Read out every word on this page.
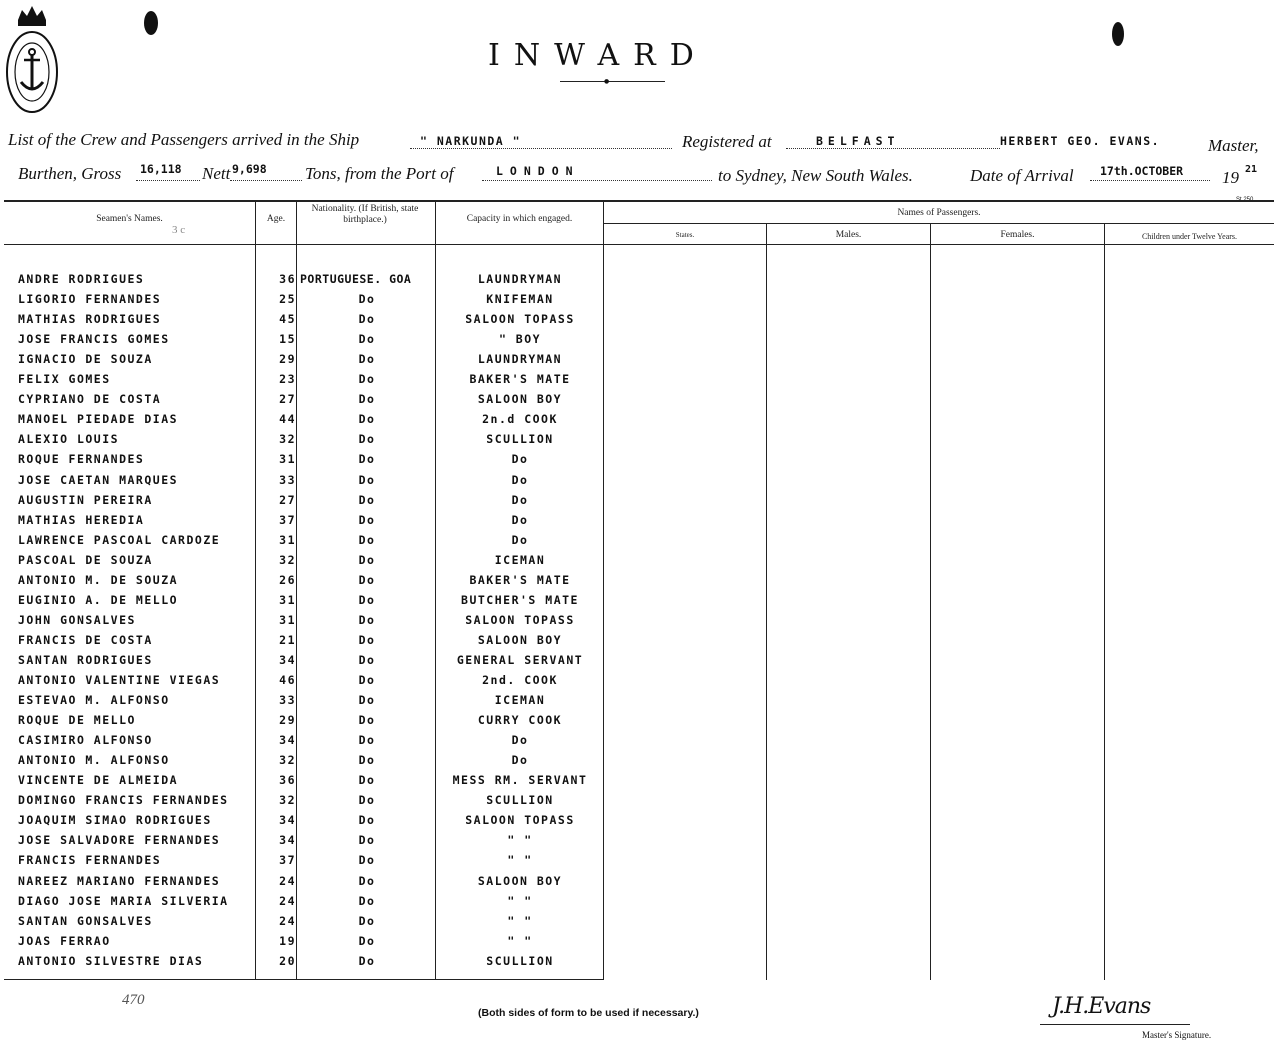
INWARD
●
List of the Crew and Passengers arrived in the Ship	" NARKUNDA "	Registered at	BELFAST	HERBERT GEO. EVANS.	Master,
Burthen, Gross 16,118 Nett 9,698 Tons, from the Port of	LONDON	to Sydney, New South Wales.	Date of Arrival 17th.OCTOBER 19 21
Seamen's Names.
3 c
Age.
Nationality. (If British, state birthplace.)	Capacity in which engaged.
Names of Passengers.
States.	Males.	Females.	Children under Twelve Years.
ANDRE RODRIGUES	36 PORTUGUESE. GOA	LAUNDRYMAN
LIGORIO FERNANDES	25	Do	KNIFEMAN
MATHIAS RODRIGUES	45	Do	SALOON TOPASS
JOSE FRANCIS GOMES	15	Do	" BOY
IGNACIO DE SOUZA	29	Do	LAUNDRYMAN
FELIX GOMES	23	Do	BAKER'S MATE
CYPRIANO DE COSTA	27	Do	SALOON BOY
MANOEL PIEDADE DIAS	44	Do	2n.d COOK
ALEXIO LOUIS	32	Do	SCULLION
ROQUE FERNANDES	31	Do	Do
JOSE CAETAN MARQUES	33	Do	Do
AUGUSTIN PEREIRA	27	Do	Do
MATHIAS HEREDIA	37	Do	Do
LAWRENCE PASCOAL CARDOZE	31	Do	Do
PASCOAL DE SOUZA	32	Do	ICEMAN
ANTONIO M. DE SOUZA	26	Do	BAKER'S MATE
EUGINIO A. DE MELLO	31	Do	BUTCHER'S MATE
JOHN GONSALVES	31	Do	SALOON TOPASS
FRANCIS DE COSTA	21	Do	SALOON BOY
SANTAN RODRIGUES	34	Do	GENERAL SERVANT
ANTONIO VALENTINE VIEGAS	46	Do	2nd. COOK
ESTEVAO M. ALFONSO	33	Do	ICEMAN
ROQUE DE MELLO	29	Do	CURRY COOK
CASIMIRO ALFONSO	34	Do	Do
ANTONIO M. ALFONSO	32	Do	Do
VINCENTE DE ALMEIDA	36	Do	MESS RM. SERVANT
DOMINGO FRANCIS FERNANDES	32	Do	SCULLION
JOAQUIM SIMAO RODRIGUES	34	Do	SALOON TOPASS
JOSE SALVADORE FERNANDES	34	Do	" "
FRANCIS FERNANDES	37	Do	" "
NAREEZ MARIANO FERNANDES	24	Do	SALOON BOY
DIAGO JOSE MARIA SILVERIA	24	Do	" "
SANTAN GONSALVES	24	Do	" "
JOAS FERRAO	19	Do	" "
ANTONIO SILVESTRE DIAS	20	Do	SCULLION
470
(Both sides of form to be used if necessary.)	J.H.Evans
Master's Signature.
